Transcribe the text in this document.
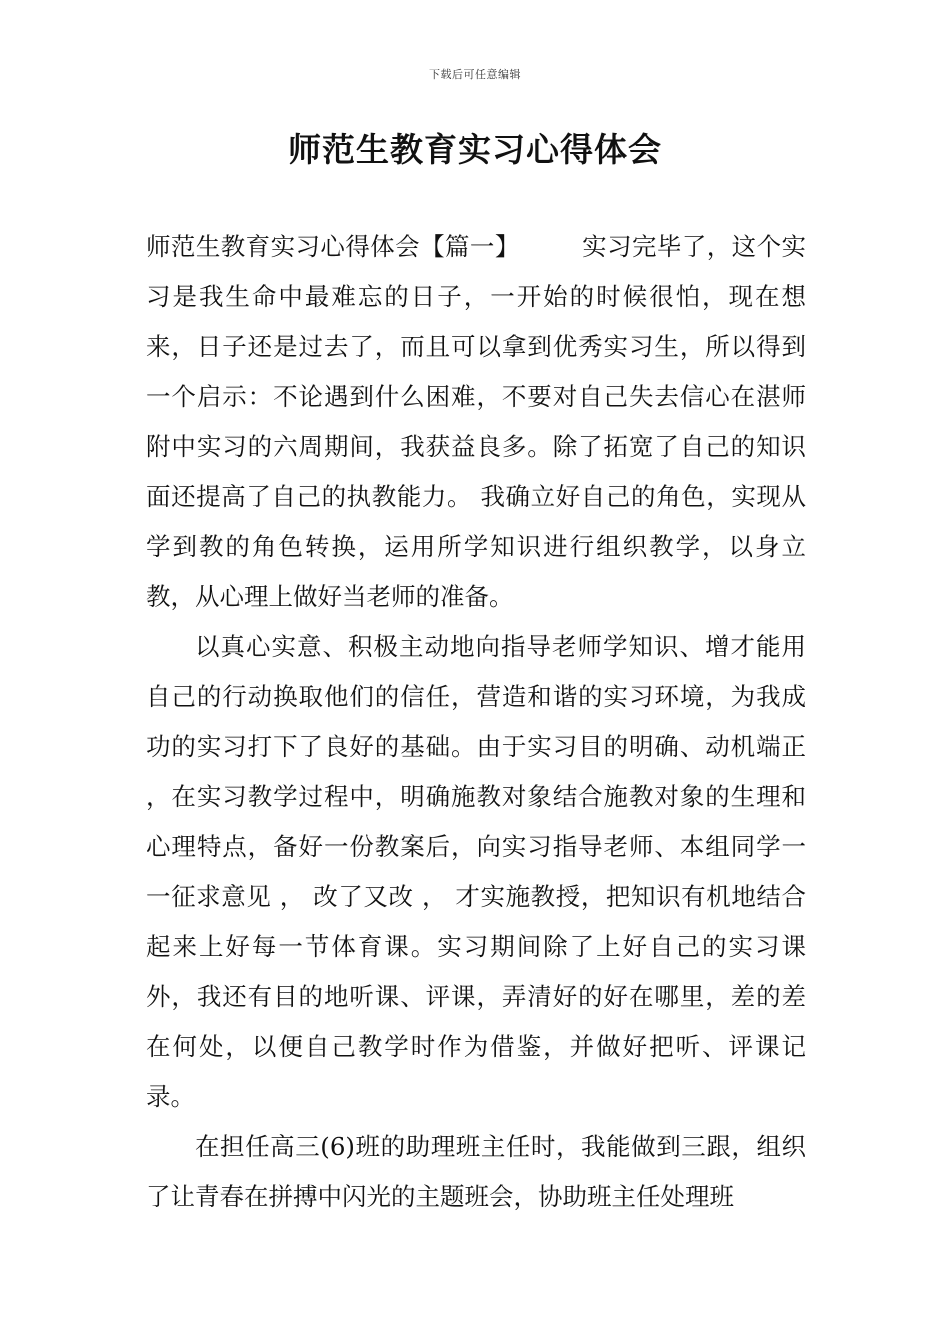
下载后可任意编辑
师范生教育实习心得体会

师范生教育实习心得体会【篇一】	实习完毕了，这个实习是我生命中最难忘的日子，一开始的时候很怕，现在想来，日子还是过去了，而且可以拿到优秀实习生，所以得到一个启示：不论遇到什么困难，不要对自己失去信心在湛师附中实习的六周期间，我获益良多。除了拓宽了自己的知识面还提高了自己的执教能力。 我确立好自己的角色，实现从学到教的角色转换，运用所学知识进行组织教学，以身立教，从心理上做好当老师的准备。

以真心实意、积极主动地向指导老师学知识、增才能用自己的行动换取他们的信任，营造和谐的实习环境，为我成功的实习打下了良好的基础。由于实习目的明确、动机端正 ，在实习教学过程中，明确施教对象结合施教对象的生理和心理特点，备好一份教案后，向实习指导老师、本组同学一一征求意见 ， 改了又改 ， 才实施教授，把知识有机地结合起来上好每一节体育课。实习期间除了上好自己的实习课外，我还有目的地听课、评课，弄清好的好在哪里，差的差在何处，以便自己教学时作为借鉴，并做好把听、评课记录。

在担任高三(6)班的助理班主任时，我能做到三跟，组织了让青春在拼搏中闪光的主题班会，协助班主任处理班
